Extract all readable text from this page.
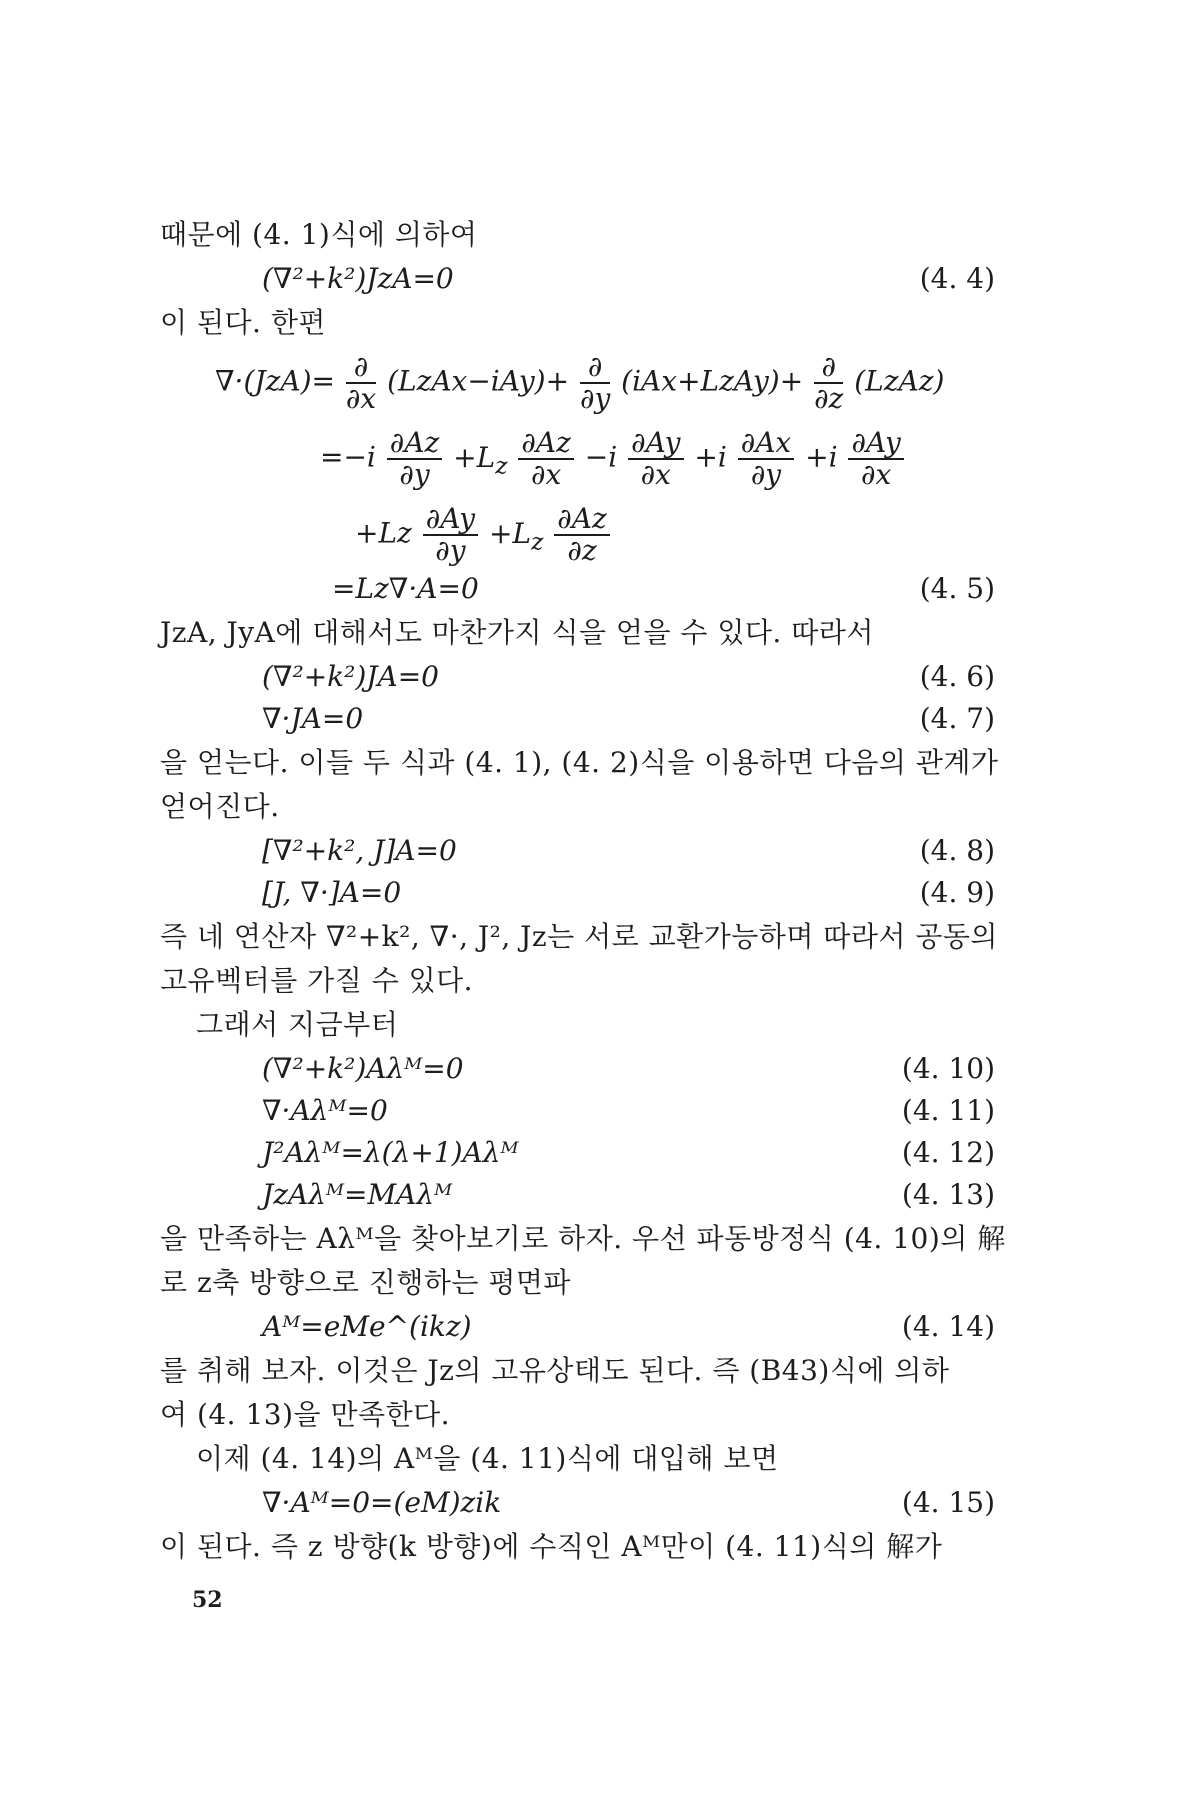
때문에 (4. 1)식에 의하여
(∇²+k²)JzA=0	(4. 4)
이 된다. 한편
$\nabla\cdot(JzA)= \frac{\partial}{\partial x}$ (LzAx−iAy)+ $\frac{\partial}{\partial y}$ (iAx+LzAy)+ $\frac{\partial}{\partial z}$ (LzAz)
$=-i \frac{\partial Az}{\partial y} +L_z \frac{\partial Az}{\partial x} -i \frac{\partial Ay}{\partial x} +i \frac{\partial Ax}{\partial y} +i \frac{\partial Ay}{\partial x}$
$+Lz \frac{\partial Ay}{\partial y} +L_z \frac{\partial Az}{\partial z}$
=Lz∇·A=0	(4. 5)
JzA, JyA에 대해서도 마찬가지 식을 얻을 수 있다. 따라서
(∇²+k²)JA=0	(4. 6)
∇·JA=0	(4. 7)
을 얻는다. 이들 두 식과 (4. 1), (4. 2)식을 이용하면 다음의 관계가
얻어진다.
[∇²+k², J]A=0	(4. 8)
[J, ∇·]A=0	(4. 9)
즉 네 연산자 ∇²+k², ∇·, J², Jz는 서로 교환가능하며 따라서 공동의
고유벡터를 가질 수 있다.
그래서 지금부터
(∇²+k²)Aλᴹ=0	(4. 10)
∇·Aλᴹ=0	(4. 11)
J²Aλᴹ=λ(λ+1)Aλᴹ	(4. 12)
JzAλᴹ=MAλᴹ	(4. 13)
을 만족하는 Aλᴹ을 찾아보기로 하자. 우선 파동방정식 (4. 10)의 解
로 z축 방향으로 진행하는 평면파
Aᴹ=eMe^(ikz)	(4. 14)
를 취해 보자. 이것은 Jz의 고유상태도 된다. 즉 (B43)식에 의하
여 (4. 13)을 만족한다.
이제 (4. 14)의 Aᴹ을 (4. 11)식에 대입해 보면
∇·Aᴹ=0=(eM)zik	(4. 15)
이 된다. 즉 z 방향(k 방향)에 수직인 Aᴹ만이 (4. 11)식의 解가
52
